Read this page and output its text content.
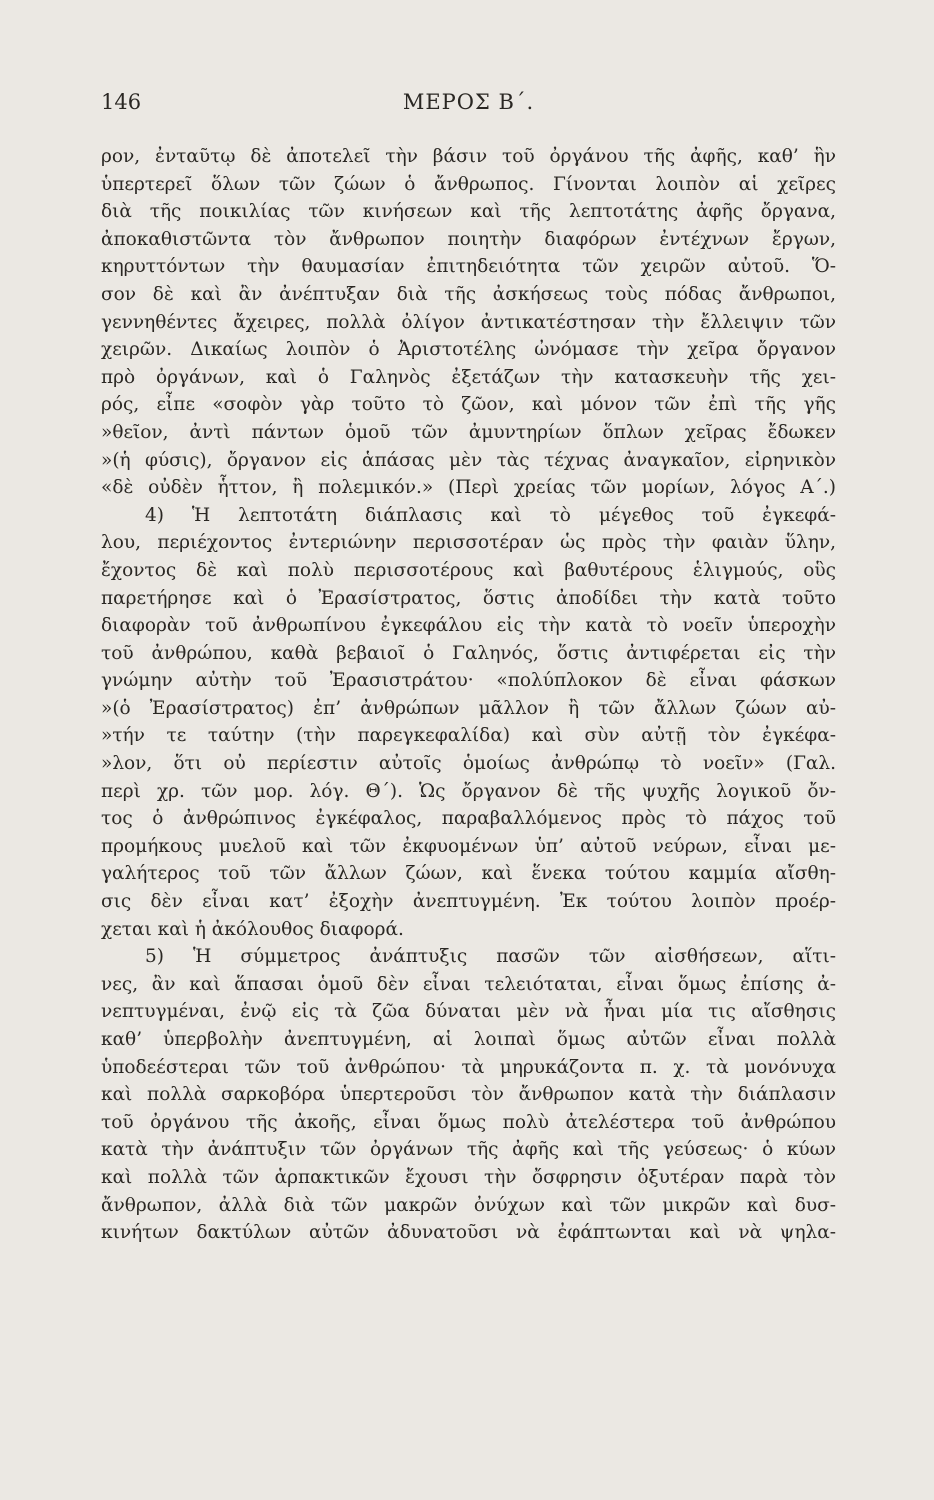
146	ΜΕΡΟΣ Β΄.
ρον, ἐνταῦτῳ δὲ ἀποτελεῖ τὴν βάσιν τοῦ ὀργάνου τῆς ἀφῆς, καθ’ ἣν
ὑπερτερεῖ ὅλων τῶν ζώων ὁ ἄνθρωπος. Γίνονται λοιπὸν αἱ χεῖρες
διὰ τῆς ποικιλίας τῶν κινήσεων καὶ τῆς λεπτοτάτης ἀφῆς ὄργανα,
ἀποκαθιστῶντα τὸν ἄνθρωπον ποιητὴν διαφόρων ἐντέχνων ἔργων,
κηρυττόντων τὴν θαυμασίαν ἐπιτηδειότητα τῶν χειρῶν αὐτοῦ. Ὅ-
σον δὲ καὶ ἂν ἀνέπτυξαν διὰ τῆς ἀσκήσεως τοὺς πόδας ἄνθρωποι,
γεννηθέντες ἄχειρες, πολλὰ ὀλίγον ἀντικατέστησαν τὴν ἔλλειψιν τῶν
χειρῶν. Δικαίως λοιπὸν ὁ Ἀριστοτέλης ὠνόμασε τὴν χεῖρα ὄργανον
πρὸ ὀργάνων, καὶ ὁ Γαληνὸς ἐξετάζων τὴν κατασκευὴν τῆς χει-
ρός, εἶπε «σοφὸν γὰρ τοῦτο τὸ ζῶον, καὶ μόνον τῶν ἐπὶ τῆς γῆς
»θεῖον, ἀντὶ πάντων ὁμοῦ τῶν ἀμυντηρίων ὅπλων χεῖρας ἔδωκεν
»(ἡ φύσις), ὄργανον εἰς ἁπάσας μὲν τὰς τέχνας ἀναγκαῖον, εἰρηνικὸν
«δὲ οὐδὲν ἧττον, ἢ πολεμικόν.» (Περὶ χρείας τῶν μορίων, λόγος Α΄.)
4) Ἡ λεπτοτάτη διάπλασις καὶ τὸ μέγεθος τοῦ ἐγκεφά-
λου, περιέχοντος ἐντεριώνην περισσοτέραν ὡς πρὸς τὴν φαιὰν ὕλην,
ἔχοντος δὲ καὶ πολὺ περισσοτέρους καὶ βαθυτέρους ἑλιγμούς, οὓς
παρετήρησε καὶ ὁ Ἐρασίστρατος, ὅστις ἀποδίδει τὴν κατὰ τοῦτο
διαφορὰν τοῦ ἀνθρωπίνου ἐγκεφάλου εἰς τὴν κατὰ τὸ νοεῖν ὑπεροχὴν
τοῦ ἀνθρώπου, καθὰ βεβαιοῖ ὁ Γαληνός, ὅστις ἀντιφέρεται εἰς τὴν
γνώμην αὐτὴν τοῦ Ἐρασιστράτου· «πολύπλοκον δὲ εἶναι φάσκων
»(ὁ Ἐρασίστρατος) ἐπ’ ἀνθρώπων μᾶλλον ἢ τῶν ἄλλων ζώων αὐ-
»τήν τε ταύτην (τὴν παρεγκεφαλίδα) καὶ σὺν αὐτῇ τὸν ἐγκέφα-
»λον, ὅτι οὐ περίεστιν αὐτοῖς ὁμοίως ἀνθρώπῳ τὸ νοεῖν» (Γαλ.
περὶ χρ. τῶν μορ. λόγ. Θ΄). Ὡς ὄργανον δὲ τῆς ψυχῆς λογικοῦ ὄν-
τος ὁ ἀνθρώπινος ἐγκέφαλος, παραβαλλόμενος πρὸς τὸ πάχος τοῦ
προμήκους μυελοῦ καὶ τῶν ἐκφυομένων ὑπ’ αὐτοῦ νεύρων, εἶναι με-
γαλήτερος τοῦ τῶν ἄλλων ζώων, καὶ ἕνεκα τούτου καμμία αἴσθη-
σις δὲν εἶναι κατ’ ἐξοχὴν ἀνεπτυγμένη. Ἐκ τούτου λοιπὸν προέρ-
χεται καὶ ἡ ἀκόλουθος διαφορά.
5) Ἡ σύμμετρος ἀνάπτυξις πασῶν τῶν αἰσθήσεων, αἵτι-
νες, ἂν καὶ ἅπασαι ὁμοῦ δὲν εἶναι τελειόταται, εἶναι ὅμως ἐπίσης ἀ-
νεπτυγμέναι, ἐνῷ εἰς τὰ ζῶα δύναται μὲν νὰ ἦναι μία τις αἴσθησις
καθ’ ὑπερβολὴν ἀνεπτυγμένη, αἱ λοιπαὶ ὅμως αὐτῶν εἶναι πολλὰ
ὑποδεέστεραι τῶν τοῦ ἀνθρώπου· τὰ μηρυκάζοντα π. χ. τὰ μονόνυχα
καὶ πολλὰ σαρκοβόρα ὑπερτεροῦσι τὸν ἄνθρωπον κατὰ τὴν διάπλασιν
τοῦ ὀργάνου τῆς ἀκοῆς, εἶναι ὅμως πολὺ ἀτελέστερα τοῦ ἀνθρώπου
κατὰ τὴν ἀνάπτυξιν τῶν ὀργάνων τῆς ἀφῆς καὶ τῆς γεύσεως· ὁ κύων
καὶ πολλὰ τῶν ἁρπακτικῶν ἔχουσι τὴν ὄσφρησιν ὀξυτέραν παρὰ τὸν
ἄνθρωπον, ἀλλὰ διὰ τῶν μακρῶν ὀνύχων καὶ τῶν μικρῶν καὶ δυσ-
κινήτων δακτύλων αὐτῶν ἀδυνατοῦσι νὰ ἐφάπτωνται καὶ νὰ ψηλα-
